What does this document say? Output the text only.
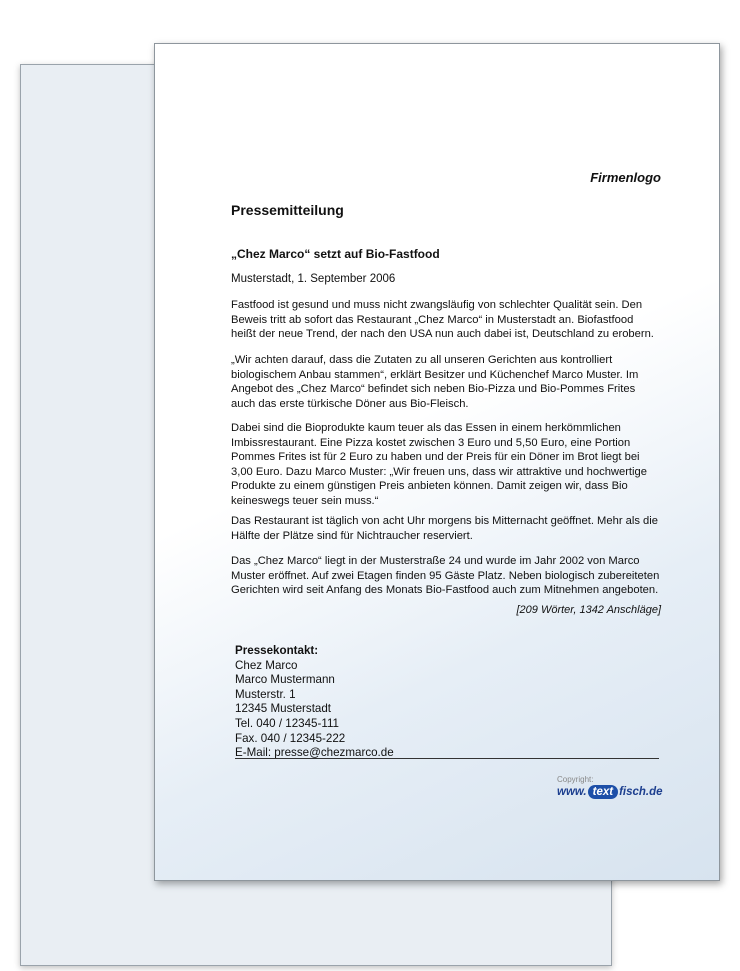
Firmenlogo
Pressemitteilung
„Chez Marco“ setzt auf Bio-Fastfood
Musterstadt, 1. September 2006
Fastfood ist gesund und muss nicht zwangsläufig von schlechter Qualität sein. Den Beweis tritt ab sofort das Restaurant „Chez Marco“ in Musterstadt an. Biofastfood heißt der neue Trend, der nach den USA nun auch dabei ist, Deutschland zu erobern.
„Wir achten darauf, dass die Zutaten zu all unseren Gerichten aus kontrolliert biologischem Anbau stammen“, erklärt Besitzer und Küchenchef Marco Muster. Im Angebot des „Chez Marco“ befindet sich neben Bio-Pizza und Bio-Pommes Frites auch das erste türkische Döner aus Bio-Fleisch.
Dabei sind die Bioprodukte kaum teuer als das Essen in einem herkömmlichen Imbissrestaurant. Eine Pizza kostet zwischen 3 Euro und 5,50 Euro, eine Portion Pommes Frites ist für 2 Euro zu haben und der Preis für ein Döner im Brot liegt bei 3,00 Euro. Dazu Marco Muster: „Wir freuen uns, dass wir attraktive und hochwertige Produkte zu einem günstigen Preis anbieten können. Damit zeigen wir, dass Bio keineswegs teuer sein muss.“
Das Restaurant ist täglich von acht Uhr morgens bis Mitternacht geöffnet. Mehr als die Hälfte der Plätze sind für Nichtraucher reserviert.
Das „Chez Marco“ liegt in der Musterstraße 24 und wurde im Jahr 2002 von Marco Muster eröffnet. Auf zwei Etagen finden 95 Gäste Platz. Neben biologisch zubereiteten Gerichten wird seit Anfang des Monats Bio-Fastfood auch zum Mitnehmen angeboten.
[209 Wörter, 1342 Anschläge]
Pressekontakt:
Chez Marco
Marco Mustermann
Musterstr. 1
12345 Musterstadt
Tel. 040 / 12345-111
Fax. 040 / 12345-222
E-Mail: presse@chezmarco.de
Copyright:
www. text fisch.de
